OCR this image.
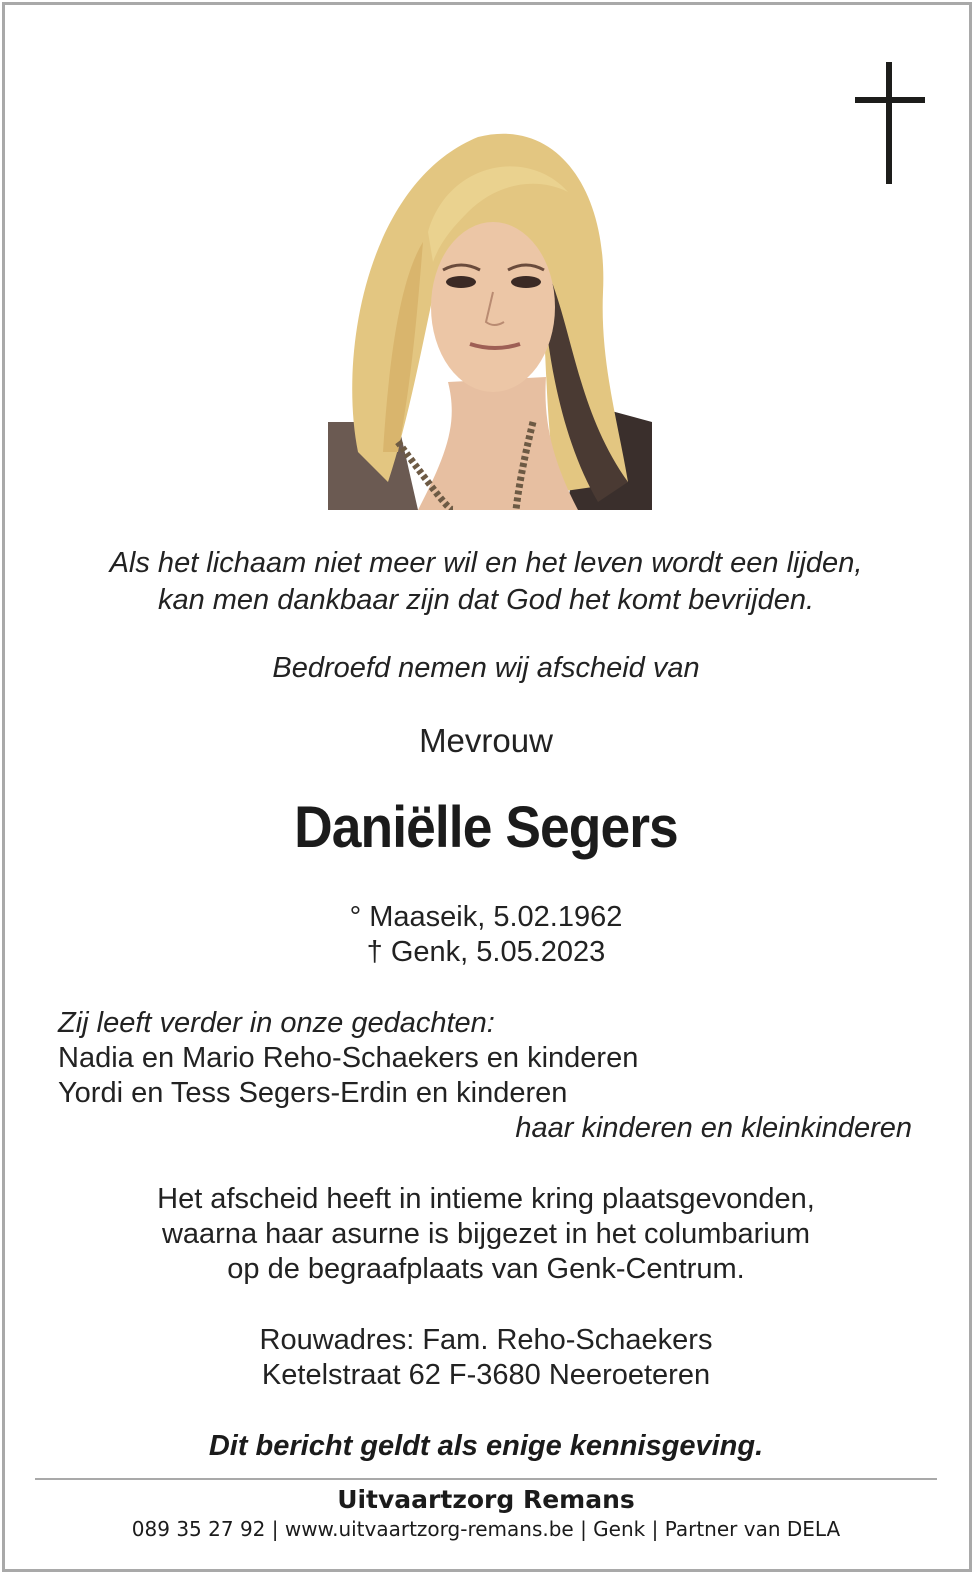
Als het lichaam niet meer wil en het leven wordt een lijden,
kan men dankbaar zijn dat God het komt bevrijden.

Bedroefd nemen wij afscheid van

Mevrouw

Daniëlle Segers

° Maaseik, 5.02.1962
† Genk, 5.05.2023

Zij leeft verder in onze gedachten:
Nadia en Mario Reho-Schaekers en kinderen
Yordi en Tess Segers-Erdin en kinderen
haar kinderen en kleinkinderen

Het afscheid heeft in intieme kring plaatsgevonden,
waarna haar asurne is bijgezet in het columbarium
op de begraafplaats van Genk-Centrum.

Rouwadres: Fam. Reho-Schaekers
Ketelstraat 62 F-3680 Neeroeteren

Dit bericht geldt als enige kennisgeving.

Uitvaartzorg Remans

089 35 27 92 | www.uitvaartzorg-remans.be | Genk | Partner van DELA
